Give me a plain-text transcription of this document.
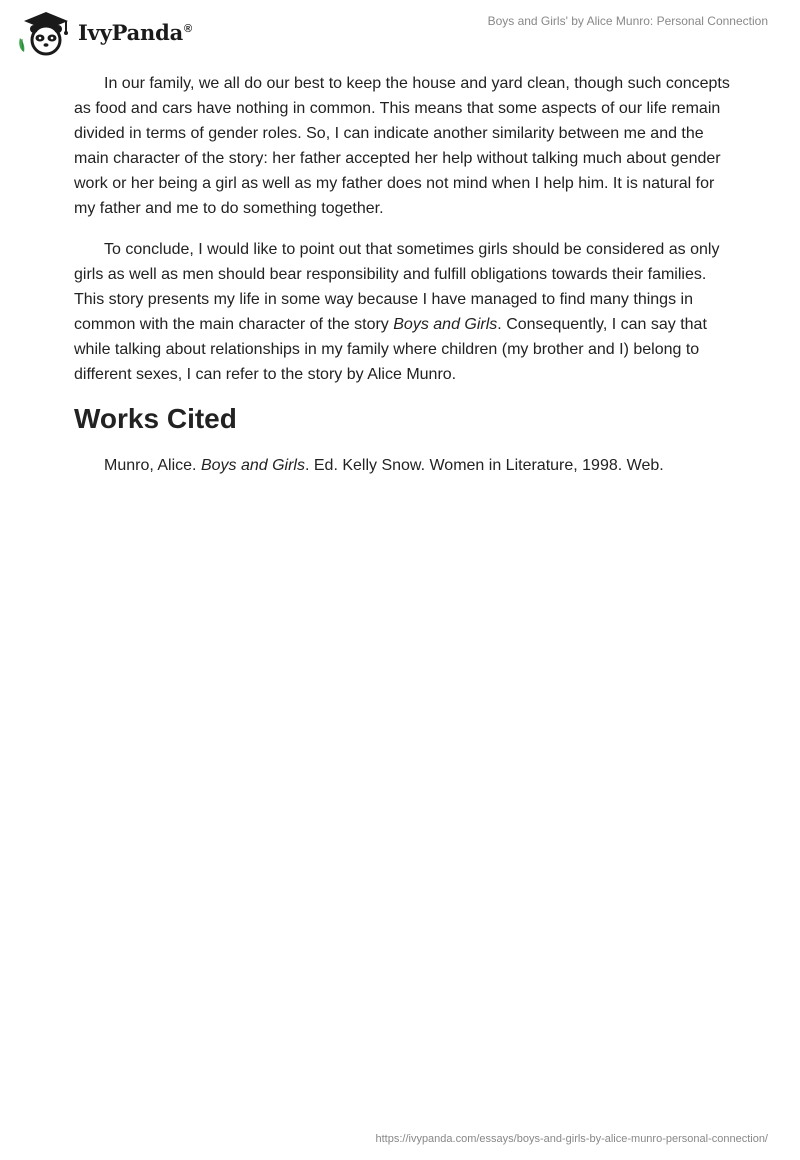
IvyPanda®
Boys and Girls' by Alice Munro: Personal Connection

In our family, we all do our best to keep the house and yard clean, though such concepts as food and cars have nothing in common. This means that some aspects of our life remain divided in terms of gender roles. So, I can indicate another similarity between me and the main character of the story: her father accepted her help without talking much about gender work or her being a girl as well as my father does not mind when I help him. It is natural for my father and me to do something together.

To conclude, I would like to point out that sometimes girls should be considered as only girls as well as men should bear responsibility and fulfill obligations towards their families. This story presents my life in some way because I have managed to find many things in common with the main character of the story Boys and Girls. Consequently, I can say that while talking about relationships in my family where children (my brother and I) belong to different sexes, I can refer to the story by Alice Munro.

Works Cited

Munro, Alice. Boys and Girls. Ed. Kelly Snow. Women in Literature, 1998. Web.

https://ivypanda.com/essays/boys-and-girls-by-alice-munro-personal-connection/
